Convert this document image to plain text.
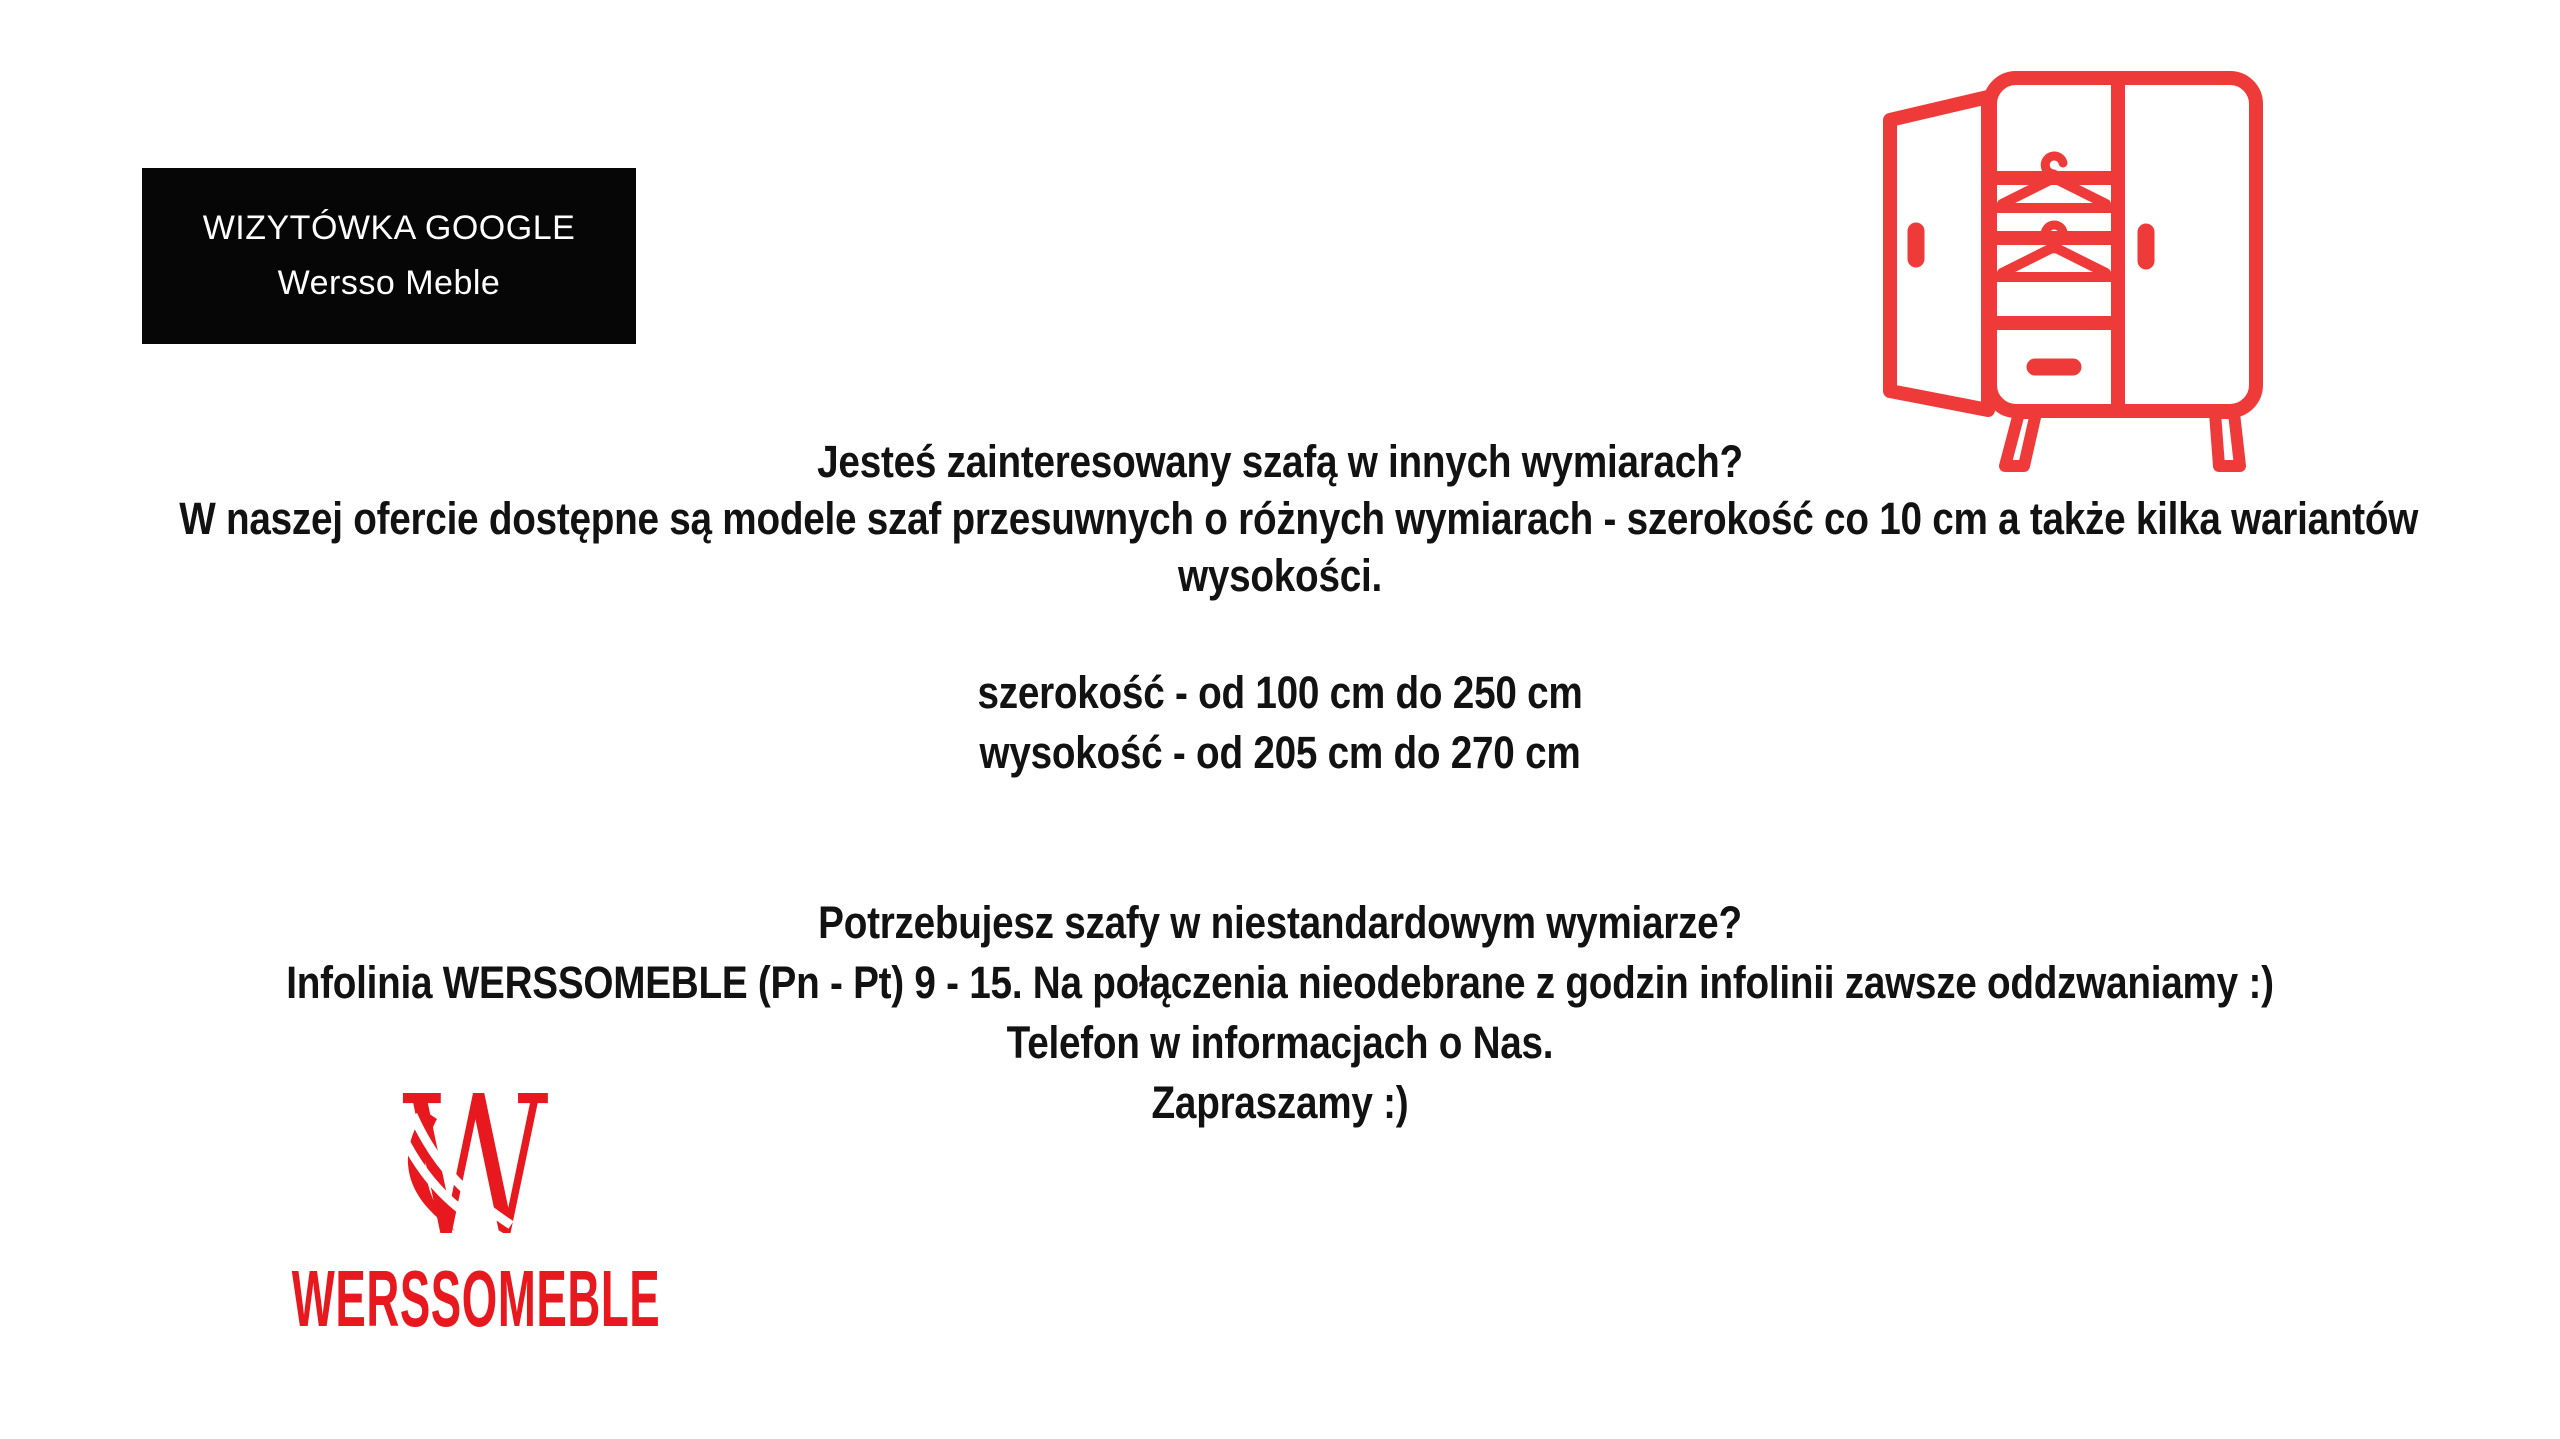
WIZYTÓWKA GOOGLE
Wersso Meble
Jesteś zainteresowany szafą w innych wymiarach?
W naszej ofercie dostępne są modele szaf przesuwnych o różnych wymiarach - szerokość co 10 cm a także kilka wariantów
wysokości.
szerokość - od 100 cm do 250 cm
wysokość - od 205 cm do 270 cm
Potrzebujesz szafy w niestandardowym wymiarze?
Infolinia WERSSOMEBLE (Pn - Pt) 9 - 15. Na połączenia nieodebrane z godzin infolinii zawsze oddzwaniamy :)
Telefon w informacjach o Nas.
Zapraszamy :)
W
WERSSOMEBLE
